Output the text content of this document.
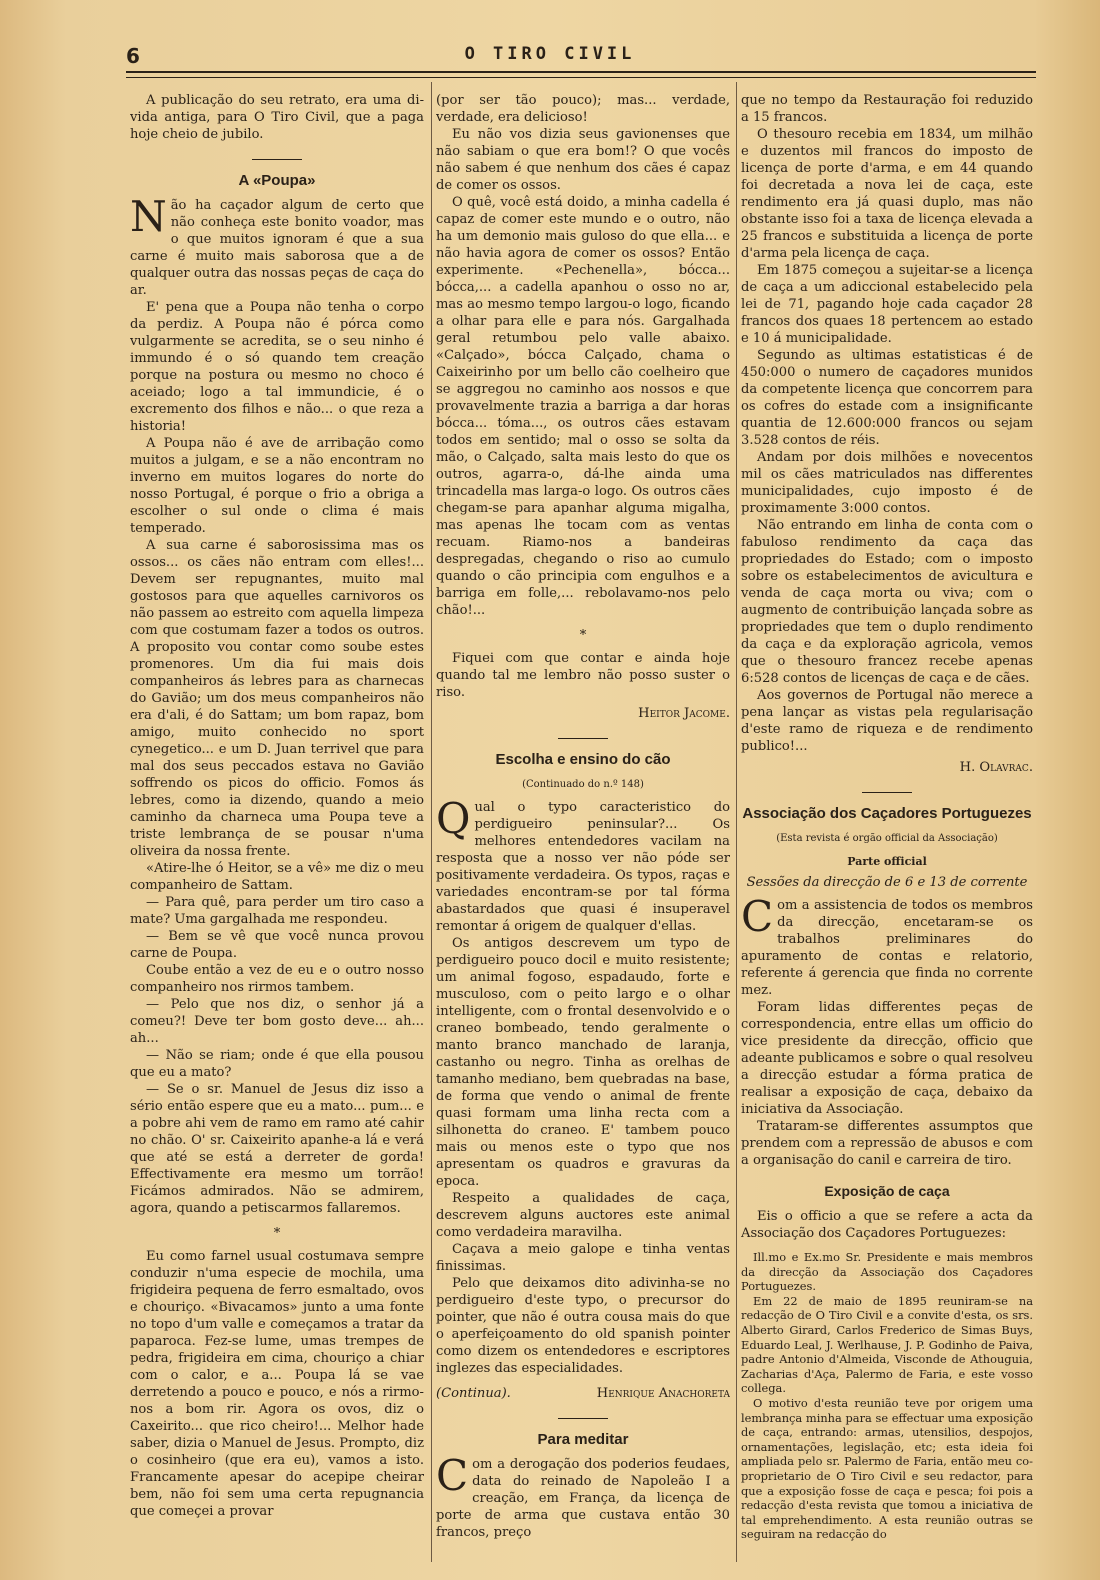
6	O TIRO CIVIL

A publicação do seu retrato, era uma di-vida antiga, para O Tiro Civil, que a paga hoje cheio de jubilo.

A «Poupa»

Não ha caçador algum de certo que não conheça este bonito voador, mas o que muitos ignoram é que a sua carne é muito mais saborosa que a de qualquer outra das nossas peças de caça do ar.

E' pena que a Poupa não tenha o corpo da perdiz. A Poupa não é pórca como vulgarmente se acredita, se o seu ninho é immundo é o só quando tem creação porque na postura ou mesmo no choco é aceiado; logo a tal immundicie, é o excremento dos filhos e não... o que reza a historia!

A Poupa não é ave de arribação como muitos a julgam, e se a não encontram no inverno em muitos logares do norte do nosso Portugal, é porque o frio a obriga a escolher o sul onde o clima é mais temperado.

A sua carne é saborosissima mas os ossos... os cães não entram com elles!... Devem ser repugnantes, muito mal gostosos para que aquelles carnivoros os não passem ao estreito com aquella limpeza com que costumam fazer a todos os outros. A proposito vou contar como soube estes promenores. Um dia fui mais dois companheiros ás lebres para as charnecas do Gavião; um dos meus companheiros não era d'ali, é do Sattam; um bom rapaz, bom amigo, muito conhecido no sport cynegetico... e um D. Juan terrivel que para mal dos seus peccados estava no Gavião soffrendo os picos do officio. Fomos ás lebres, como ia dizendo, quando a meio caminho da charneca uma Poupa teve a triste lembrança de se pousar n'uma oliveira da nossa frente.

«Atire-lhe ó Heitor, se a vê» me diz o meu companheiro de Sattam.

— Para quê, para perder um tiro caso a mate? Uma gargalhada me respondeu.

— Bem se vê que você nunca provou carne de Poupa.

Coube então a vez de eu e o outro nosso companheiro nos rirmos tambem.

— Pelo que nos diz, o senhor já a comeu?! Deve ter bom gosto deve... ah... ah...

— Não se riam; onde é que ella pousou que eu a mato?

— Se o sr. Manuel de Jesus diz isso a sério então espere que eu a mato... pum... e a pobre ahi vem de ramo em ramo até cahir no chão. O' sr. Caixeirito apanhe-a lá e verá que até se está a derreter de gorda! Effectivamente era mesmo um torrão! Ficámos admirados. Não se admirem, agora, quando a petiscarmos fallaremos.

*

Eu como farnel usual costumava sempre conduzir n'uma especie de mochila, uma frigideira pequena de ferro esmaltado, ovos e chouriço. «Bivacamos» junto a uma fonte no topo d'um valle e começamos a tratar da paparoca. Fez-se lume, umas trempes de pedra, frigideira em cima, chouriço a chiar com o calor, e a... Poupa lá se vae derretendo a pouco e pouco, e nós a rirmo-nos a bom rir. Agora os ovos, diz o Caxeirito... que rico cheiro!... Melhor hade saber, dizia o Manuel de Jesus. Prompto, diz o cosinheiro (que era eu), vamos a isto. Francamente apesar do acepipe cheirar bem, não foi sem uma certa repugnancia que começei a provar

(por ser tão pouco); mas... verdade, verdade, era delicioso!

Eu não vos dizia seus gavionenses que não sabiam o que era bom!? O que vocês não sabem é que nenhum dos cães é capaz de comer os ossos.

O quê, você está doido, a minha cadella é capaz de comer este mundo e o outro, não ha um demonio mais guloso do que ella... e não havia agora de comer os ossos? Então experimente. «Pechenella», bócca... bócca,... a cadella apanhou o osso no ar, mas ao mesmo tempo largou-o logo, ficando a olhar para elle e para nós. Gargalhada geral retumbou pelo valle abaixo. «Calçado», bócca Calçado, chama o Caixeirinho por um bello cão coelheiro que se aggregou no caminho aos nossos e que provavelmente trazia a barriga a dar horas bócca... tóma..., os outros cães estavam todos em sentido; mal o osso se solta da mão, o Calçado, salta mais lesto do que os outros, agarra-o, dá-lhe ainda uma trincadella mas larga-o logo. Os outros cães chegam-se para apanhar alguma migalha, mas apenas lhe tocam com as ventas recuam. Riamo-nos a bandeiras despregadas, chegando o riso ao cumulo quando o cão principia com engulhos e a barriga em folle,... rebolavamo-nos pelo chão!...

*

Fiquei com que contar e ainda hoje quando tal me lembro não posso suster o riso.

Heitor Jacome.
Escolha e ensino do cão
(Continuado do n.º 148)

Qual o typo caracteristico do perdigueiro peninsular?... Os melhores entendedores vacilam na resposta que a nosso ver não póde ser positivamente verdadeira. Os typos, raças e variedades encontram-se por tal fórma abastardados que quasi é insuperavel remontar á origem de qualquer d'ellas.

Os antigos descrevem um typo de perdigueiro pouco docil e muito resistente; um animal fogoso, espadaudo, forte e musculoso, com o peito largo e o olhar intelligente, com o frontal desenvolvido e o craneo bombeado, tendo geralmente o manto branco manchado de laranja, castanho ou negro. Tinha as orelhas de tamanho mediano, bem quebradas na base, de forma que vendo o animal de frente quasi formam uma linha recta com a silhonetta do craneo. E' tambem pouco mais ou menos este o typo que nos apresentam os quadros e gravuras da epoca.

Respeito a qualidades de caça, descrevem alguns auctores este animal como verdadeira maravilha.

Caçava a meio galope e tinha ventas finissimas.

Pelo que deixamos dito adivinha-se no perdigueiro d'este typo, o precursor do pointer, que não é outra cousa mais do que o aperfeiçoamento do old spanish pointer como dizem os entendedores e escriptores inglezes das especialidades.

(Continua).	Henrique Anachoreta
Para meditar

Com a derogação dos poderios feudaes, data do reinado de Napoleão I a creação, em França, da licença de porte de arma que custava então 30 francos, preço

que no tempo da Restauração foi reduzido a 15 francos.

O thesouro recebia em 1834, um milhão e duzentos mil francos do imposto de licença de porte d'arma, e em 44 quando foi decretada a nova lei de caça, este rendimento era já quasi duplo, mas não obstante isso foi a taxa de licença elevada a 25 francos e substituida a licença de porte d'arma pela licença de caça.

Em 1875 começou a sujeitar-se a licença de caça a um adiccional estabelecido pela lei de 71, pagando hoje cada caçador 28 francos dos quaes 18 pertencem ao estado e 10 á municipalidade.

Segundo as ultimas estatisticas é de 450:000 o numero de caçadores munidos da competente licença que concorrem para os cofres do estade com a insignificante quantia de 12.600:000 francos ou sejam 3.528 contos de réis.

Andam por dois milhões e novecentos mil os cães matriculados nas differentes municipalidades, cujo imposto é de proximamente 3:000 contos.

Não entrando em linha de conta com o fabuloso rendimento da caça das propriedades do Estado; com o imposto sobre os estabelecimentos de avicultura e venda de caça morta ou viva; com o augmento de contribuição lançada sobre as propriedades que tem o duplo rendimento da caça e da exploração agricola, vemos que o thesouro francez recebe apenas 6:528 contos de licenças de caça e de cães.

Aos governos de Portugal não merece a pena lançar as vistas pela regularisação d'este ramo de riqueza e de rendimento publico!...

H. Olavrac.
Associação dos Caçadores Portuguezes
(Esta revista é orgão official da Associação)
Parte official
Sessões da direcção de 6 e 13 de corrente

Com a assistencia de todos os membros da direcção, encetaram-se os trabalhos preliminares do apuramento de contas e relatorio, referente á gerencia que finda no corrente mez.

Foram lidas differentes peças de correspondencia, entre ellas um officio do vice presidente da direcção, officio que adeante publicamos e sobre o qual resolveu a direcção estudar a fórma pratica de realisar a exposição de caça, debaixo da iniciativa da Associação.

Trataram-se differentes assumptos que prendem com a repressão de abusos e com a organisação do canil e carreira de tiro.

Exposição de caça

Eis o officio a que se refere a acta da Associação dos Caçadores Portuguezes:

Ill.mo e Ex.mo Sr. Presidente e mais membros da direcção da Associação dos Caçadores Portuguezes.

Em 22 de maio de 1895 reuniram-se na redacção de O Tiro Civil e a convite d'esta, os srs. Alberto Girard, Carlos Frederico de Simas Buys, Eduardo Leal, J. Werlhause, J. P. Godinho de Paiva, padre Antonio d'Almeida, Visconde de Athouguia, Zacharias d'Aça, Palermo de Faria, e este vosso collega.

O motivo d'esta reunião teve por origem uma lembrança minha para se effectuar uma exposição de caça, entrando: armas, utensilios, despojos, ornamentações, legislação, etc; esta ideia foi ampliada pelo sr. Palermo de Faria, então meu co-proprietario de O Tiro Civil e seu redactor, para que a exposição fosse de caça e pesca; foi pois a redacção d'esta revista que tomou a iniciativa de tal emprehendimento. A esta reunião outras se seguiram na redacção do
